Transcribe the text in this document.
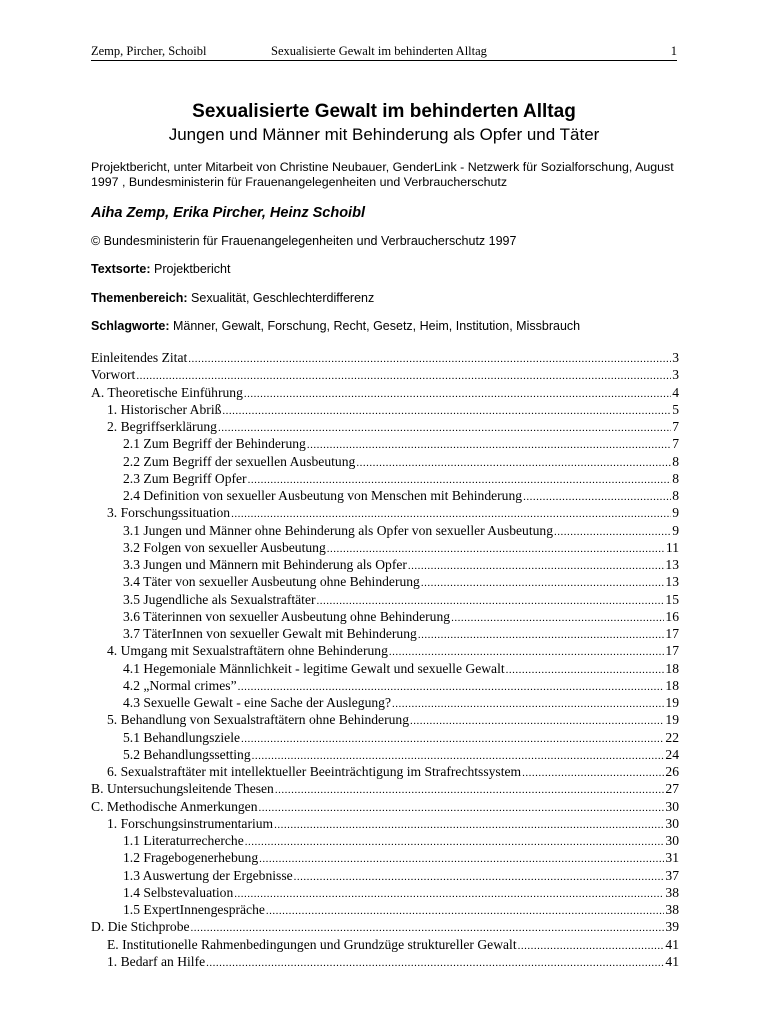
Zemp, Pircher, Schoibl	Sexualisierte Gewalt im behinderten Alltag	1
Sexualisierte Gewalt im behinderten Alltag
Jungen und Männer mit Behinderung als Opfer und Täter
Projektbericht, unter Mitarbeit von Christine Neubauer, GenderLink - Netzwerk für Sozialforschung, August 1997 , Bundesministerin für Frauenangelegenheiten und Verbraucherschutz
Aiha Zemp, Erika Pircher, Heinz Schoibl
© Bundesministerin für Frauenangelegenheiten und Verbraucherschutz 1997
Textsorte: Projektbericht
Themenbereich: Sexualität, Geschlechterdifferenz
Schlagworte: Männer, Gewalt, Forschung, Recht, Gesetz, Heim, Institution, Missbrauch
Einleitendes Zitat .....	3
Vorwort .....	3
A. Theoretische Einführung .....	4
1. Historischer Abriß .....	5
2. Begriffserklärung .....	7
2.1 Zum Begriff der Behinderung .....	7
2.2 Zum Begriff der sexuellen Ausbeutung .....	8
2.3 Zum Begriff Opfer .....	8
2.4 Definition von sexueller Ausbeutung von Menschen mit Behinderung .....	8
3. Forschungssituation .....	9
3.1 Jungen und Männer ohne Behinderung als Opfer von sexueller Ausbeutung .....	9
3.2 Folgen von sexueller Ausbeutung .....	11
3.3 Jungen und Männern mit Behinderung als Opfer .....	13
3.4 Täter von sexueller Ausbeutung ohne Behinderung .....	13
3.5 Jugendliche als Sexualstraftäter .....	15
3.6 Täterinnen von sexueller Ausbeutung ohne Behinderung .....	16
3.7 TäterInnen von sexueller Gewalt mit Behinderung .....	17
4. Umgang mit Sexualstraftätern ohne Behinderung .....	17
4.1 Hegemoniale Männlichkeit - legitime Gewalt und sexuelle Gewalt .....	18
4.2 „Normal crimes” .....	18
4.3 Sexuelle Gewalt - eine Sache der Auslegung? .....	19
5. Behandlung von Sexualstraftätern ohne Behinderung .....	19
5.1 Behandlungsziele .....	22
5.2 Behandlungssetting .....	24
6. Sexualstraftäter mit intellektueller Beeinträchtigung im Strafrechtssystem .....	26
B. Untersuchungsleitende Thesen .....	27
C. Methodische Anmerkungen .....	30
1. Forschungsinstrumentarium .....	30
1.1 Literaturrecherche .....	30
1.2 Fragebogenerhebung .....	31
1.3 Auswertung der Ergebnisse .....	37
1.4 Selbstevaluation .....	38
1.5 ExpertInnengespräche .....	38
D. Die Stichprobe .....	39
E. Institutionelle Rahmenbedingungen und Grundzüge struktureller Gewalt .....	41
1. Bedarf an Hilfe .....	41
